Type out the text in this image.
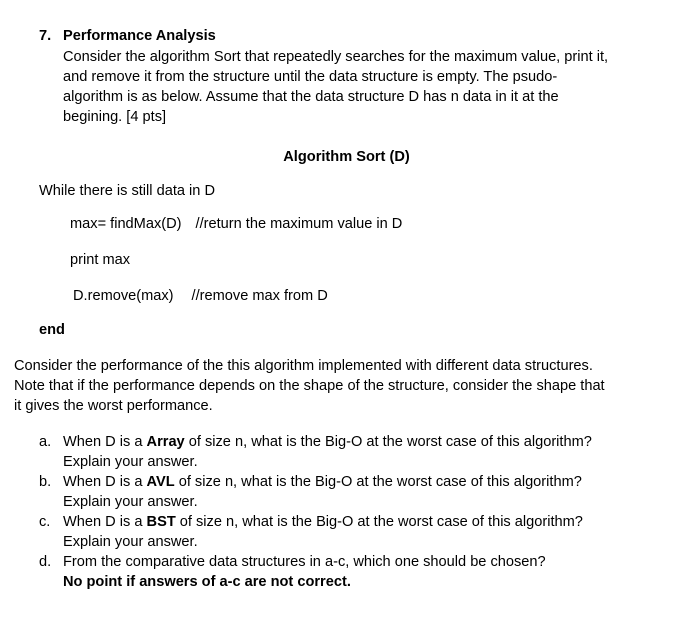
7. Performance Analysis

Consider the algorithm Sort that repeatedly searches for the maximum value, print it,

and remove it from the structure until the data structure is empty. The psudo-

algorithm is as below. Assume that the data structure D has n data in it at the

begining. [4 pts]

Algorithm Sort (D)
While there is still data in D
max= findMax(D) //return the maximum value in D
print max
D.remove(max) //remove max from D
end

Consider the performance of the this algorithm implemented with different data structures.

Note that if the performance depends on the shape of the structure, consider the shape that

it gives the worst performance.

a. When D is a Array of size n, what is the Big-O at the worst case of this algorithm?

Explain your answer.

b. When D is a AVL of size n, what is the Big-O at the worst case of this algorithm?

Explain your answer.

c. When D is a BST of size n, what is the Big-O at the worst case of this algorithm?

Explain your answer.

d. From the comparative data structures in a-c, which one should be chosen?

No point if answers of a-c are not correct.
